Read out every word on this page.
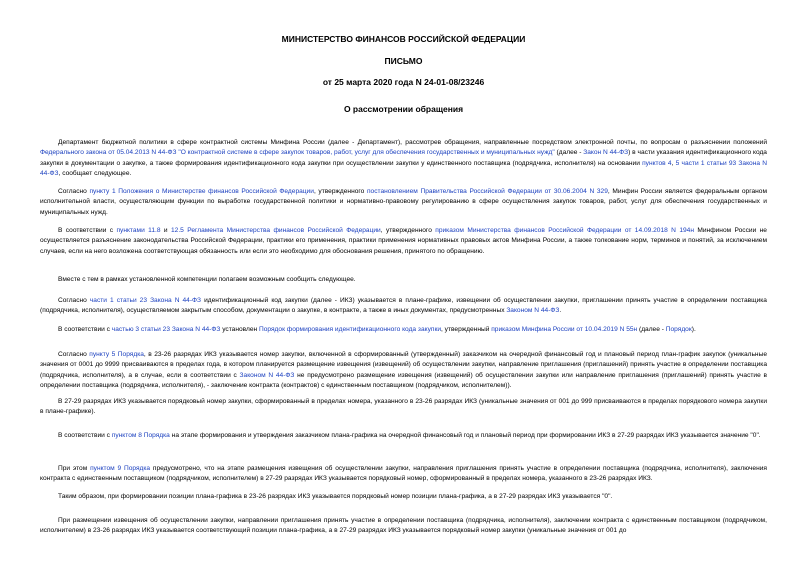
МИНИСТЕРСТВО ФИНАНСОВ РОССИЙСКОЙ ФЕДЕРАЦИИ
ПИСЬМО
от 25 марта 2020 года N 24-01-08/23246
О рассмотрении обращения

Департамент бюджетной политики в сфере контрактной системы Минфина России (далее - Департамент), рассмотрев обращения, направленные посредством электронной почты, по вопросам о разъяснении положений Федерального закона от 05.04.2013 N 44-ФЗ "О контрактной системе в сфере закупок товаров, работ, услуг для обеспечения государственных и муниципальных нужд" (далее - Закон N 44-ФЗ) в части указания идентификационного кода закупки в документации о закупке, а также формирования идентификационного кода закупки при осуществлении закупки у единственного поставщика (подрядчика, исполнителя) на основании пунктов 4, 5 части 1 статьи 93 Закона N 44-ФЗ, сообщает следующее.

Согласно пункту 1 Положения о Министерстве финансов Российской Федерации, утвержденного постановлением Правительства Российской Федерации от 30.06.2004 N 329, Минфин России является федеральным органом исполнительной власти, осуществляющим функции по выработке государственной политики и нормативно-правовому регулированию в сфере осуществления закупок товаров, работ, услуг для обеспечения государственных и муниципальных нужд.

В соответствии с пунктами 11.8 и 12.5 Регламента Министерства финансов Российской Федерации, утвержденного приказом Министерства финансов Российской Федерации от 14.09.2018 N 194н Минфином России не осуществляется разъяснение законодательства Российской Федерации, практики его применения, практики применения нормативных правовых актов Минфина России, а также толкование норм, терминов и понятий, за исключением случаев, если на него возложена соответствующая обязанность или если это необходимо для обоснования решения, принятого по обращению.

Вместе с тем в рамках установленной компетенции полагаем возможным сообщить следующее.

Согласно части 1 статьи 23 Закона N 44-ФЗ идентификационный код закупки (далее - ИКЗ) указывается в плане-графике, извещении об осуществлении закупки, приглашении принять участие в определении поставщика (подрядчика, исполнителя), осуществляемом закрытым способом, документации о закупке, в контракте, а также в иных документах, предусмотренных Законом N 44-ФЗ.

В соответствии с частью 3 статьи 23 Закона N 44-ФЗ установлен Порядок формирования идентификационного кода закупки, утвержденный приказом Минфина России от 10.04.2019 N 55н (далее - Порядок).

Согласно пункту 5 Порядка, в 23-26 разрядах ИКЗ указывается номер закупки, включенной в сформированный (утвержденный) заказчиком на очередной финансовый год и плановый период план-график закупок (уникальные значения от 0001 до 9999 присваиваются в пределах года, в котором планируется размещение извещения (извещений) об осуществлении закупки, направление приглашения (приглашений) принять участие в определении поставщика (подрядчика, исполнителя), а в случае, если в соответствии с Законом N 44-ФЗ не предусмотрено размещение извещения (извещений) об осуществлении закупки или направление приглашения (приглашений) принять участие в определении поставщика (подрядчика, исполнителя), - заключение контракта (контрактов) с единственным поставщиком (подрядчиком, исполнителем)).

В 27-29 разрядах ИКЗ указывается порядковый номер закупки, сформированный в пределах номера, указанного в 23-26 разрядах ИКЗ (уникальные значения от 001 до 999 присваиваются в пределах порядкового номера закупки в плане-графике).

В соответствии с пунктом 8 Порядка на этапе формирования и утверждения заказчиком плана-графика на очередной финансовый год и плановый период при формировании ИКЗ в 27-29 разрядах ИКЗ указывается значение "0".

При этом пунктом 9 Порядка предусмотрено, что на этапе размещения извещения об осуществлении закупки, направления приглашения принять участие в определении поставщика (подрядчика, исполнителя), заключения контракта с единственным поставщиком (подрядчиком, исполнителем) в 27-29 разрядах ИКЗ указывается порядковый номер, сформированный в пределах номера, указанного в 23-26 разрядах ИКЗ.

Таким образом, при формировании позиции плана-графика в 23-26 разрядах ИКЗ указывается порядковый номер позиции плана-графика, а в 27-29 разрядах ИКЗ указывается "0".

При размещении извещения об осуществлении закупки, направлении приглашения принять участие в определении поставщика (подрядчика, исполнителя), заключении контракта с единственным поставщиком (подрядчиком, исполнителем) в 23-26 разрядах ИКЗ указывается соответствующий позиции плана-графика, а в 27-29 разрядах ИКЗ указывается порядковый номер закупки (уникальные значения от 001 до
